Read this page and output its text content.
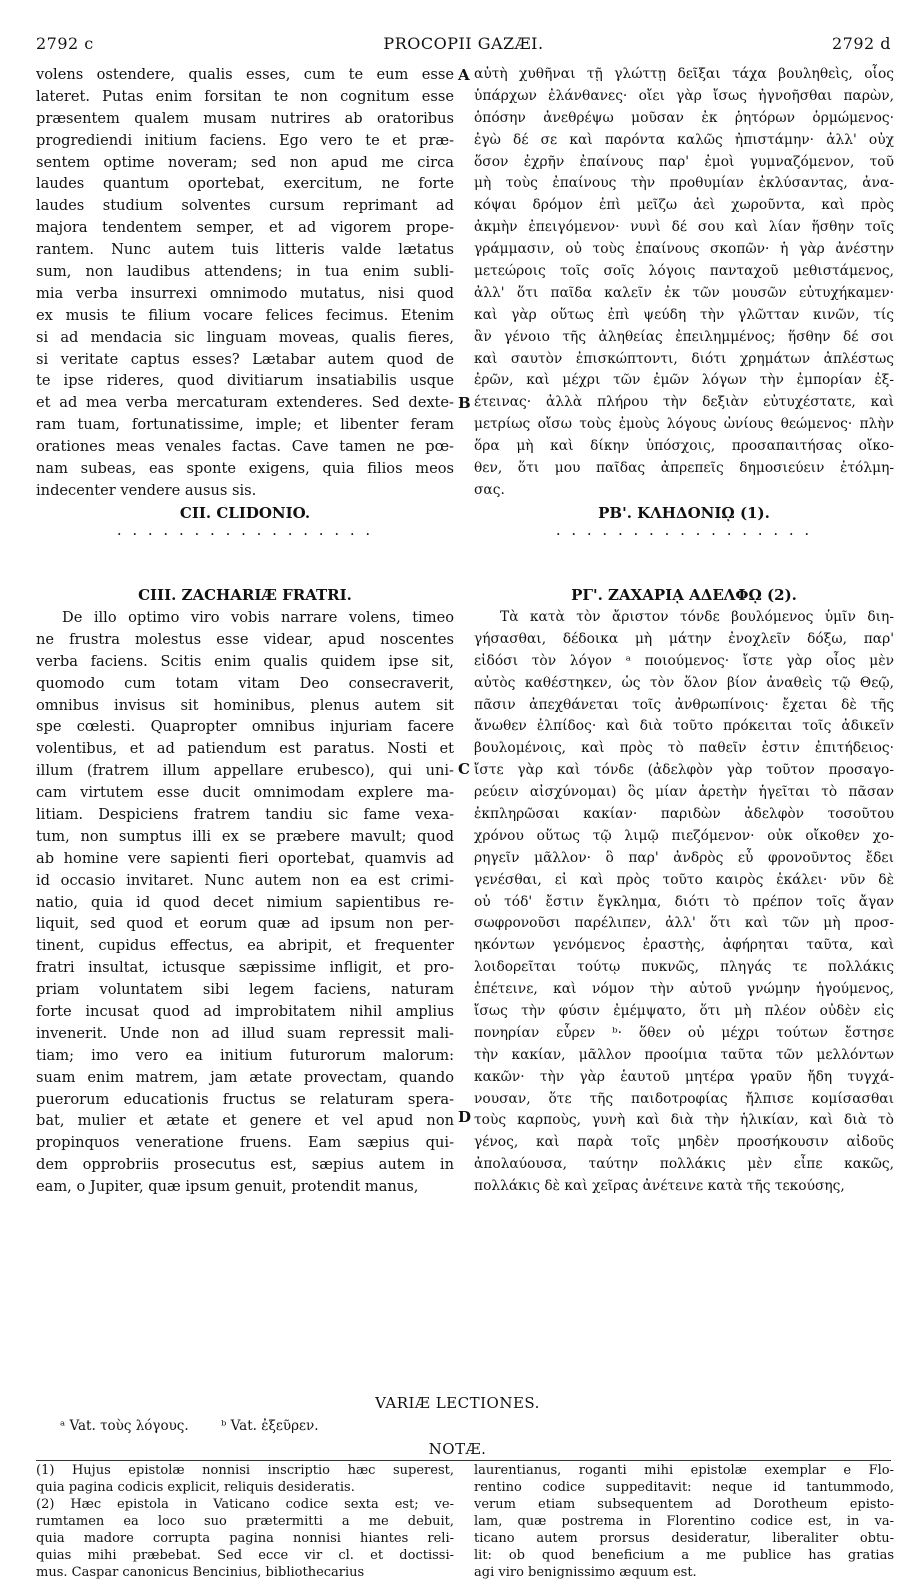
2792 c	PROCOPII GAZÆI.	2792 d
volens ostendere, qualis esses, cum te eum esse
lateret. Putas enim forsitan te non cognitum esse
præsentem qualem musam nutrires ab oratoribus
progrediendi initium faciens. Ego vero te et præ-
sentem optime noveram; sed non apud me circa
laudes quantum oportebat, exercitum, ne forte
laudes studium solventes cursum reprimant ad
majora tendentem semper, et ad vigorem prope-
rantem. Nunc autem tuis litteris valde lætatus
sum, non laudibus attendens; in tua enim subli-
mia verba insurrexi omnimodo mutatus, nisi quod
ex musis te filium vocare felices fecimus. Etenim
si ad mendacia sic linguam moveas, qualis fieres,
si veritate captus esses? Lætabar autem quod de
te ipse rideres, quod divitiarum insatiabilis usque
et ad mea verba mercaturam extenderes. Sed dexte-
ram tuam, fortunatissime, imple; et libenter feram
orationes meas venales factas. Cave tamen ne pœ-
nam subeas, eas sponte exigens, quia filios meos
indecenter vendere ausus sis.
αὐτὴ χυθῆναι τῇ γλώττῃ δεῖξαι τάχα βουληθεὶς, οἷος
ὑπάρχων ἐλάνθανες· οἴει γὰρ ἴσως ἠγνοῆσθαι παρὼν,
ὁπόσην ἀνεθρέψω μοῦσαν ἐκ ῥητόρων ὁρμώμενος·
ἐγὼ δέ σε καὶ παρόντα καλῶς ἠπιστάμην· ἀλλ' οὐχ
ὅσον ἐχρῆν ἐπαίνους παρ' ἐμοὶ γυμναζόμενον, τοῦ
μὴ τοὺς ἐπαίνους τὴν προθυμίαν ἐκλύσαντας, ἀνα-
κόψαι δρόμον ἐπὶ μεῖζω ἀεὶ χωροῦντα, καὶ πρὸς
ἀκμὴν ἐπειγόμενον· νυνὶ δέ σου καὶ λίαν ἥσθην τοῖς
γράμμασιν, οὐ τοὺς ἐπαίνους σκοπῶν· ἡ γὰρ ἀνέστην
μετεώροις τοῖς σοῖς λόγοις πανταχοῦ μεθιστάμενος,
ἀλλ' ὅτι παῖδα καλεῖν ἐκ τῶν μουσῶν εὐτυχήκαμεν·
καὶ γὰρ οὕτως ἐπὶ ψεύδη τὴν γλῶτταν κινῶν, τίς
ἂν γένοιο τῆς ἀληθείας ἐπειλημμένος; ἥσθην δέ σοι
καὶ σαυτὸν ἐπισκώπτοντι, διότι χρημάτων ἀπλέστως
ἐρῶν, καὶ μέχρι τῶν ἐμῶν λόγων τὴν ἐμπορίαν ἐξ-
έτεινας· ἀλλὰ πλήρου τὴν δεξιὰν εὐτυχέστατε, καὶ
μετρίως οἴσω τοὺς ἐμοὺς λόγους ὠνίους θεώμενος· πλὴν
ὅρα μὴ καὶ δίκην ὑπόσχοις, προσαπαιτήσας οἴκο-
θεν, ὅτι μου παῖδας ἀπρεπεῖς δημοσιεύειν ἐτόλμη-
σας.
CII. CLIDONIO.
. . . . . . . . . . . . . . . . .
ΡΒ'. ΚΛΗΔΟΝΙῼ (1).
. . . . . . . . . . . . . . . . .
CIII. ZACHARIÆ FRATRI.	ΡΓ'. ΖΑΧΑΡΙᾼ ΑΔΕΛΦῼ (2).
De illo optimo viro vobis narrare volens, timeo
ne frustra molestus esse videar, apud noscentes
verba faciens. Scitis enim qualis quidem ipse sit,
quomodo cum totam vitam Deo consecraverit,
omnibus invisus sit hominibus, plenus autem sit
spe cœlesti. Quapropter omnibus injuriam facere
volentibus, et ad patiendum est paratus. Nosti et
illum (fratrem illum appellare erubesco), qui uni-
cam virtutem esse ducit omnimodam explere ma-
litiam. Despiciens fratrem tandiu sic fame vexa-
tum, non sumptus illi ex se præbere mavult; quod
ab homine vere sapienti fieri oportebat, quamvis ad
id occasio invitaret. Nunc autem non ea est crimi-
natio, quia id quod decet nimium sapientibus re-
liquit, sed quod et eorum quæ ad ipsum non per-
tinent, cupidus effectus, ea abripit, et frequenter
fratri insultat, ictusque sæpissime infligit, et pro-
priam voluntatem sibi legem faciens, naturam
forte incusat quod ad improbitatem nihil amplius
invenerit. Unde non ad illud suam repressit mali-
tiam; imo vero ea initium futurorum malorum:
suam enim matrem, jam ætate provectam, quando
puerorum educationis fructus se relaturam spera-
bat, mulier et ætate et genere et vel apud non
propinquos veneratione fruens. Eam sæpius qui-
dem opprobriis prosecutus est, sæpius autem in
eam, o Jupiter, quæ ipsum genuit, protendit manus,
Τὰ κατὰ τὸν ἄριστον τόνδε βουλόμενος ὑμῖν διη-
γήσασθαι, δέδοικα μὴ μάτην ἐνοχλεῖν δόξω, παρ'
εἰδόσι τὸν λόγον ᵃ ποιούμενος· ἴστε γὰρ οἷος μὲν
αὐτὸς καθέστηκεν, ὡς τὸν ὅλον βίον ἀναθεὶς τῷ Θεῷ,
πᾶσιν ἀπεχθάνεται τοῖς ἀνθρωπίνοις· ἔχεται δὲ τῆς
ἄνωθεν ἐλπίδος· καὶ διὰ τοῦτο πρόκειται τοῖς ἀδικεῖν
βουλομένοις, καὶ πρὸς τὸ παθεῖν ἐστιν ἐπιτήδειος·
ἴστε γὰρ καὶ τόνδε (ἀδελφὸν γὰρ τοῦτον προσαγο-
ρεύειν αἰσχύνομαι) ὃς μίαν ἀρετὴν ἡγεῖται τὸ πᾶσαν
ἐκπληρῶσαι κακίαν· παριδὼν ἀδελφὸν τοσοῦτου
χρόνου οὕτως τῷ λιμῷ πιεζόμενον· οὐκ οἴκοθεν χο-
ρηγεῖν μᾶλλον· ὃ παρ' ἀνδρὸς εὖ φρονοῦντος ἔδει
γενέσθαι, εἰ καὶ πρὸς τοῦτο καιρὸς ἐκάλει· νῦν δὲ
οὐ τόδ' ἔστιν ἔγκλημα, διότι τὸ πρέπον τοῖς ἄγαν
σωφρονοῦσι παρέλιπεν, ἀλλ' ὅτι καὶ τῶν μὴ προσ-
ηκόντων γενόμενος ἐραστὴς, ἀφήρηται ταῦτα, καὶ
λοιδορεῖται τούτῳ πυκνῶς, πληγάς τε πολλάκις
ἐπέτεινε, καὶ νόμον τὴν αὐτοῦ γνώμην ἡγούμενος,
ἴσως τὴν φύσιν ἐμέμψατο, ὅτι μὴ πλέον οὐδὲν εἰς
πονηρίαν εὗρεν ᵇ· ὅθεν οὐ μέχρι τούτων ἔστησε
τὴν κακίαν, μᾶλλον προοίμια ταῦτα τῶν μελλόντων
κακῶν· τὴν γὰρ ἑαυτοῦ μητέρα γραῦν ἤδη τυγχά-
νουσαν, ὅτε τῆς παιδοτροφίας ἤλπισε κομίσασθαι
τοὺς καρποὺς, γυνὴ καὶ διὰ τὴν ἡλικίαν, καὶ διὰ τὸ
γένος, καὶ παρὰ τοῖς μηδὲν προσήκουσιν αἰδοῦς
ἀπολαύουσα, ταύτην πολλάκις μὲν εἶπε κακῶς,
πολλάκις δὲ καὶ χεῖρας ἀνέτεινε κατὰ τῆς τεκούσης,
A
B
C
D
VARIÆ LECTIONES.
ᵃ Vat. τοὺς λόγους. ᵇ Vat. ἐξεῦρεν.
NOTÆ.
(1) Hujus epistolæ nonnisi inscriptio hæc superest,
quia pagina codicis explicit, reliquis desideratis.
(2) Hæc epistola in Vaticano codice sexta est; ve-
rumtamen ea loco suo prætermitti a me debuit,
quia madore corrupta pagina nonnisi hiantes reli-
quias mihi præbebat. Sed ecce vir cl. et doctissi-
mus. Caspar canonicus Bencinius, bibliothecarius
laurentianus, roganti mihi epistolæ exemplar e Flo-
rentino codice suppeditavit: neque id tantummodo,
verum etiam subsequentem ad Dorotheum episto-
lam, quæ postrema in Florentino codice est, in va-
ticano autem prorsus desideratur, liberaliter obtu-
lit: ob quod beneficium a me publice has gratias
agi viro benignissimo æquum est.
